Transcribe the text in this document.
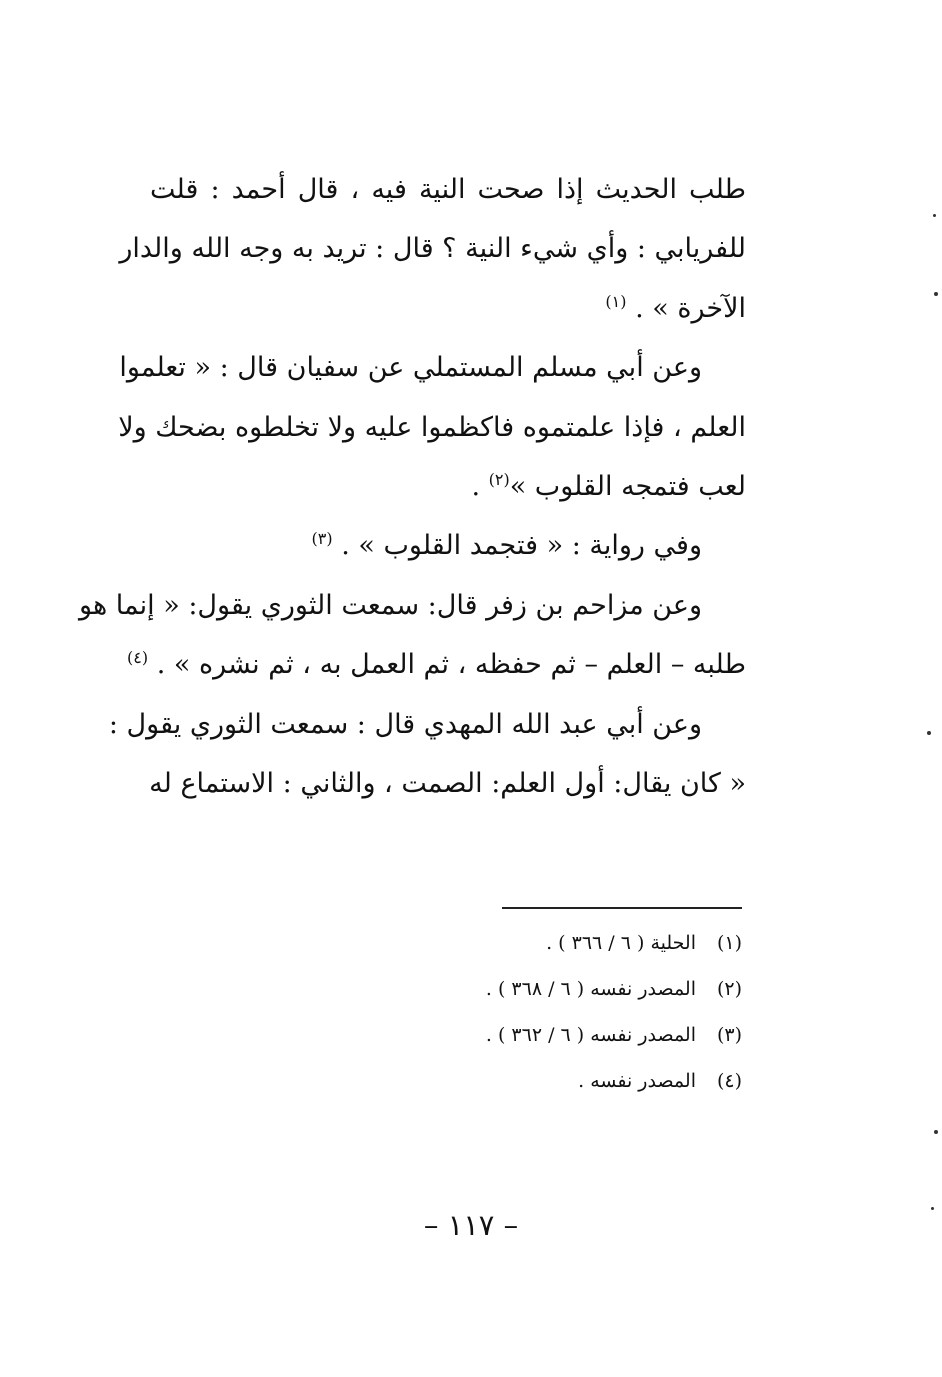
طلب الحديث إذا صحت النية فيه ، قال أحمد : قلت
للفريابي : وأي شيء النية ؟ قال : تريد به وجه الله والدار
الآخرة » . $^{(١)}$
وعن أبي مسلم المستملي عن سفيان قال : « تعلموا
العلم ، فإذا علمتموه فاكظموا عليه ولا تخلطوه بضحك ولا
لعب فتمجه القلوب »$^{(٢)}$ .
وفي رواية : « فتجمد القلوب » . $^{(٣)}$
وعن مزاحم بن زفر قال: سمعت الثوري يقول: « إنما هو
طلبه – العلم – ثم حفظه ، ثم العمل به ، ثم نشره » . $^{(٤)}$
وعن أبي عبد الله المهدي قال : سمعت الثوري يقول :
« كان يقال: أول العلم: الصمت ، والثاني : الاستماع له
(١)الحلية ( ٦ / ٣٦٦ ) .
(٢)المصدر نفسه ( ٦ / ٣٦٨ ) .
(٣)المصدر نفسه ( ٦ / ٣٦٢ ) .
(٤)المصدر نفسه .
– ١١٧ –
